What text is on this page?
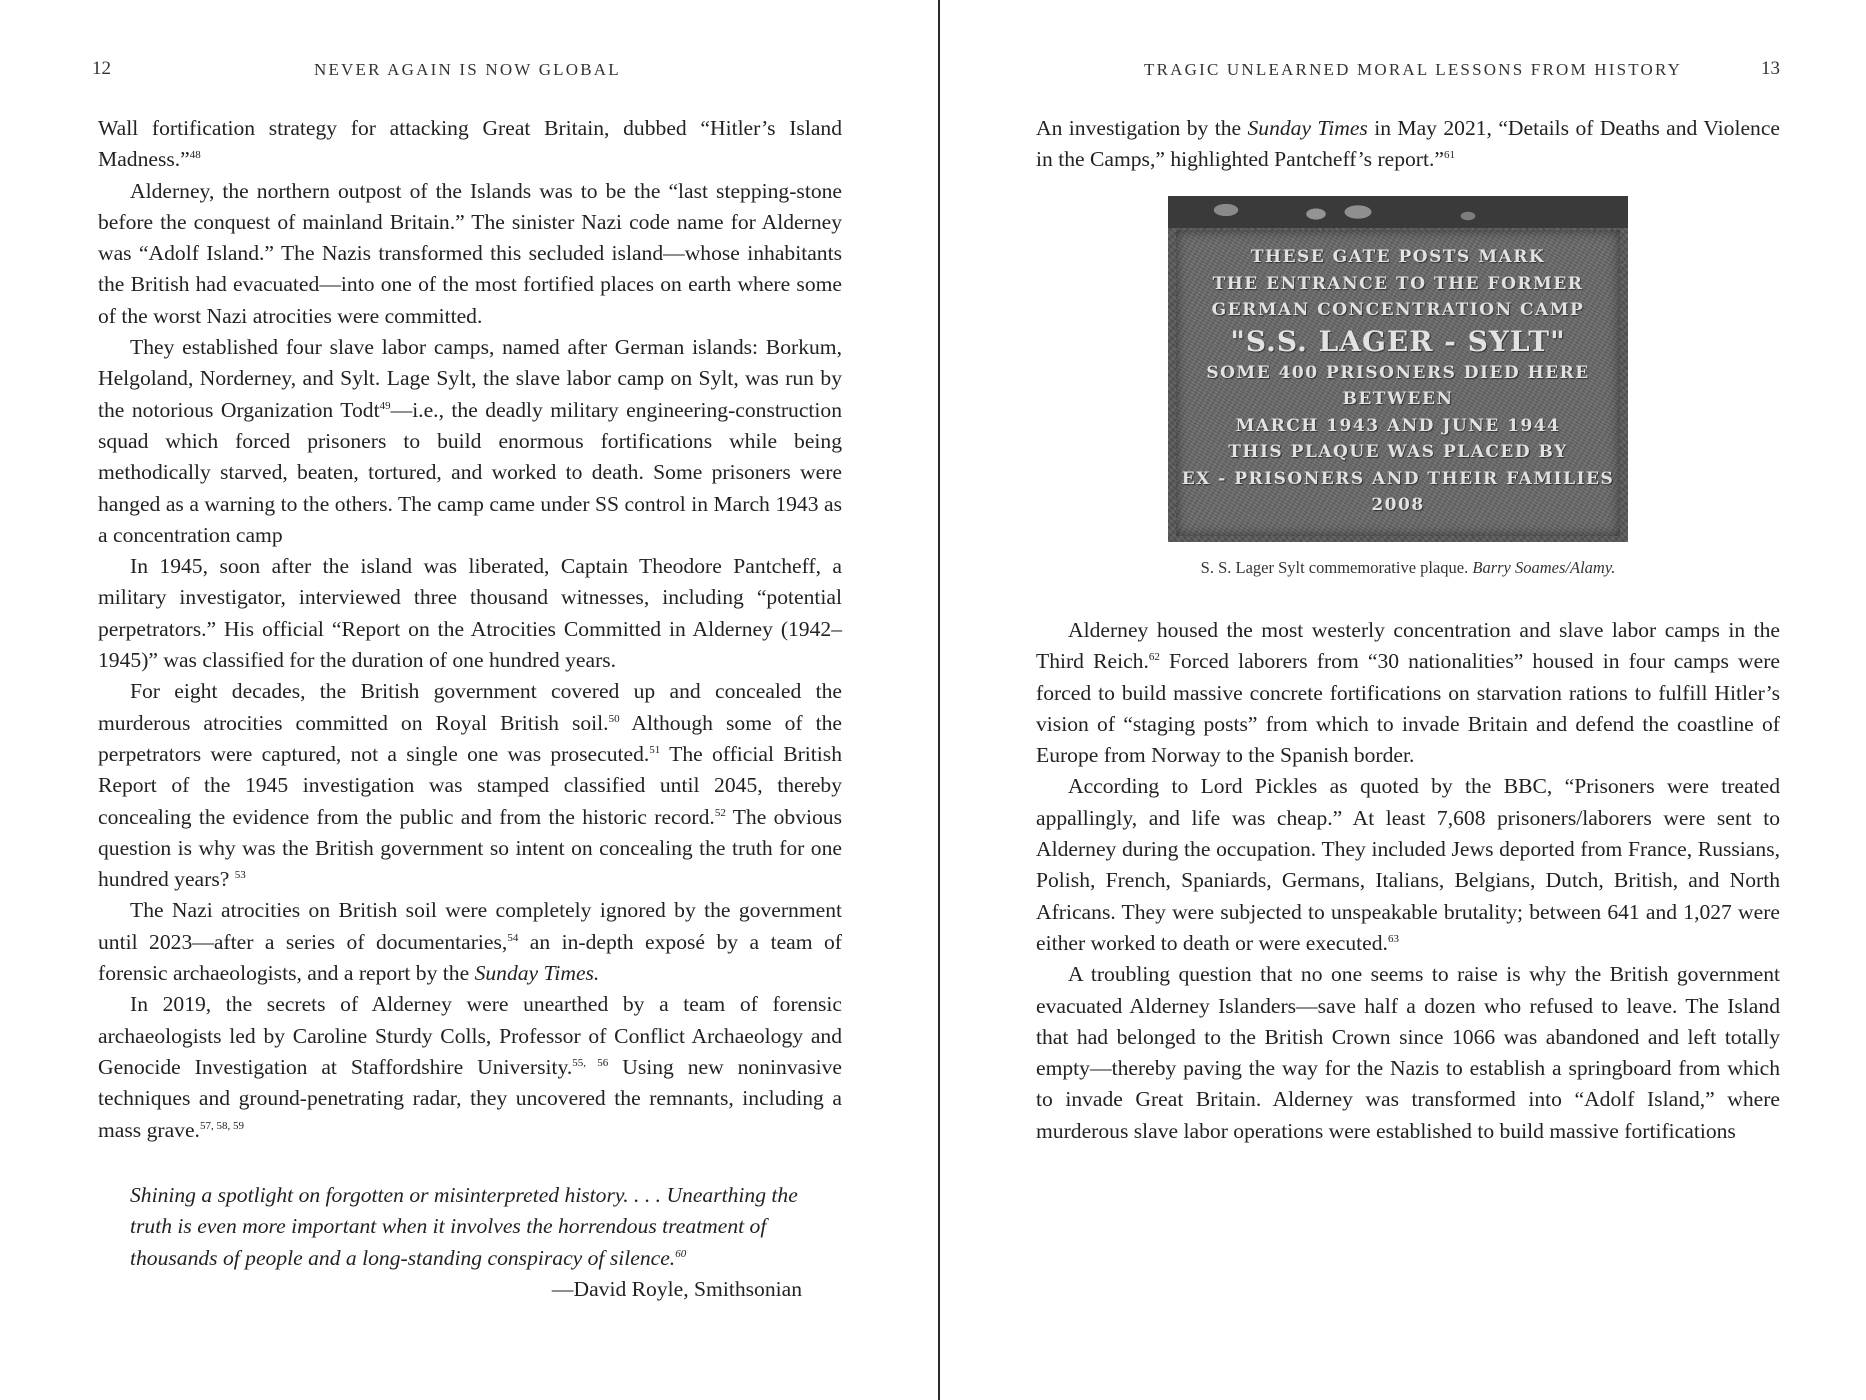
12	NEVER AGAIN IS NOW GLOBAL

Wall fortification strategy for attacking Great Britain, dubbed “Hitler’s Island Madness.”$^{48}$

Alderney, the northern outpost of the Islands was to be the “last stepping-stone before the conquest of mainland Britain.” The sinister Nazi code name for Alderney was “Adolf Island.” The Nazis transformed this secluded island—whose inhabitants the British had evacuated—into one of the most fortified places on earth where some of the worst Nazi atrocities were committed.

They established four slave labor camps, named after German islands: Borkum, Helgoland, Norderney, and Sylt. Lage Sylt, the slave labor camp on Sylt, was run by the notorious Organization Todt$^{49}$—i.e., the deadly military engineering-construction squad which forced prisoners to build enormous fortifications while being methodically starved, beaten, tortured, and worked to death. Some prisoners were hanged as a warning to the others. The camp came under SS control in March 1943 as a concentration camp

In 1945, soon after the island was liberated, Captain Theodore Pantcheff, a military investigator, interviewed three thousand witnesses, including “potential perpetrators.” His official “Report on the Atrocities Committed in Alderney (1942–1945)” was classified for the duration of one hundred years.

For eight decades, the British government covered up and concealed the murderous atrocities committed on Royal British soil.$^{50}$ Although some of the perpetrators were captured, not a single one was prosecuted.$^{51}$ The official British Report of the 1945 investigation was stamped classified until 2045, thereby concealing the evidence from the public and from the historic record.$^{52}$ The obvious question is why was the British government so intent on concealing the truth for one hundred years? $^{53}$

The Nazi atrocities on British soil were completely ignored by the government until 2023—after a series of documentaries,$^{54}$ an in-depth exposé by a team of forensic archaeologists, and a report by the Sunday Times.

In 2019, the secrets of Alderney were unearthed by a team of forensic archaeologists led by Caroline Sturdy Colls, Professor of Conflict Archaeology and Genocide Investigation at Staffordshire University.$^{55, 56}$ Using new noninvasive techniques and ground-penetrating radar, they uncovered the remnants, including a mass grave.$^{57, 58, 59}$

Shining a spotlight on forgotten or misinterpreted history. . . . Unearthing the truth is even more important when it involves the horrendous treatment of thousands of people and a long-standing conspiracy of silence.$^{60}$
—David Royle, Smithsonian
TRAGIC UNLEARNED MORAL LESSONS FROM HISTORY	13

An investigation by the Sunday Times in May 2021, “Details of Deaths and Violence in the Camps,” highlighted Pantcheff’s report.”$^{61}$

THESE GATE POSTS MARK
THE ENTRANCE TO THE FORMER
GERMAN CONCENTRATION CAMP
"S.S. LAGER - SYLT"
SOME 400 PRISONERS DIED HERE
BETWEEN
MARCH 1943 AND JUNE 1944
THIS PLAQUE WAS PLACED BY
EX - PRISONERS AND THEIR FAMILIES
2008
S. S. Lager Sylt commemorative plaque. Barry Soames/Alamy.

Alderney housed the most westerly concentration and slave labor camps in the Third Reich.$^{62}$ Forced laborers from “30 nationalities” housed in four camps were forced to build massive concrete fortifications on starvation rations to fulfill Hitler’s vision of “staging posts” from which to invade Britain and defend the coastline of Europe from Norway to the Spanish border.

According to Lord Pickles as quoted by the BBC, “Prisoners were treated appallingly, and life was cheap.” At least 7,608 prisoners/laborers were sent to Alderney during the occupation. They included Jews deported from France, Russians, Polish, French, Spaniards, Germans, Italians, Belgians, Dutch, British, and North Africans. They were subjected to unspeakable brutality; between 641 and 1,027 were either worked to death or were executed.$^{63}$

A troubling question that no one seems to raise is why the British government evacuated Alderney Islanders—save half a dozen who refused to leave. The Island that had belonged to the British Crown since 1066 was abandoned and left totally empty—thereby paving the way for the Nazis to establish a springboard from which to invade Great Britain. Alderney was transformed into “Adolf Island,” where murderous slave labor operations were established to build massive fortifications
